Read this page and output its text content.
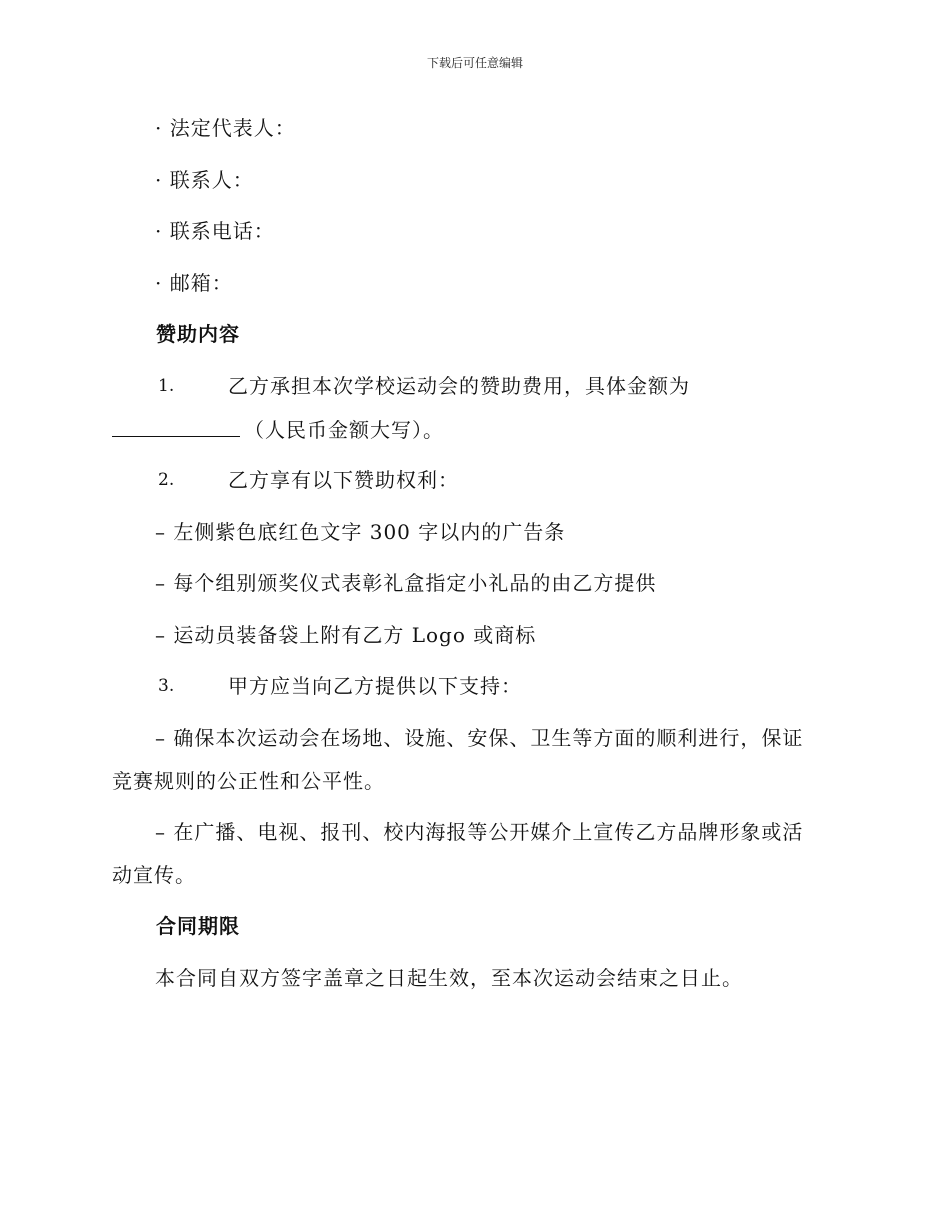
下载后可任意编辑
· 法定代表人：
· 联系人：
· 联系电话：
· 邮箱：
赞助内容
1.	乙方承担本次学校运动会的赞助费用，具体金额为
（人民币金额大写）。
2.	乙方享有以下赞助权利：
– 左侧紫色底红色文字 300 字以内的广告条
– 每个组别颁奖仪式表彰礼盒指定小礼品的由乙方提供
– 运动员装备袋上附有乙方 Logo 或商标
3.	甲方应当向乙方提供以下支持：
– 确保本次运动会在场地、设施、安保、卫生等方面的顺利进行，保证
竞赛规则的公正性和公平性。
– 在广播、电视、报刊、校内海报等公开媒介上宣传乙方品牌形象或活
动宣传。
合同期限
本合同自双方签字盖章之日起生效，至本次运动会结束之日止。
